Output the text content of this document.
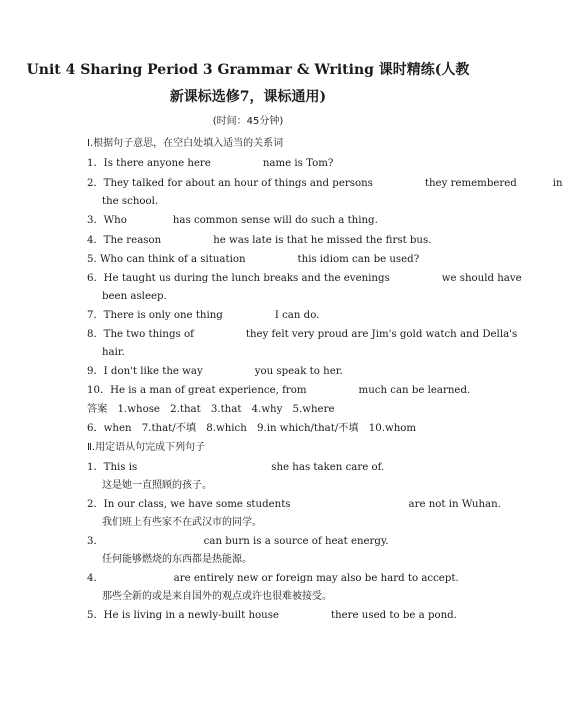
Unit 4 Sharing Period 3 Grammar & Writing 课时精练(人教
新课标选修7，课标通用)
(时间：45分钟)
Ⅰ.根据句子意思，在空白处填入适当的关系词
1．Is there anyone here	name is Tom?
2．They talked for about an hour of things and persons	they remembered	in
the school.
3．Who	has common sense will do such a thing.
4．The reason	he was late is that he missed the first bus.
5. Who can think of a situation	this idiom can be used?
6．He taught us during the lunch breaks and the evenings	we should have
been asleep.
7．There is only one thing	I can do.
8．The two things of	they felt very proud are Jim's gold watch and Della's
hair.
9．I don't like the way	you speak to her.
10．He is a man of great experience, from	much can be learned.
答案　1.whose　2.that　3.that　4.why　5.where
6．when　7.that/不填　8.which　9.in which/that/不填　10.whom
Ⅱ.用定语从句完成下列句子
1．This is	she has taken care of.
这是她一直照顾的孩子。
2．In our class, we have some students	are not in Wuhan.
我们班上有些家不在武汉市的同学。
3．	can burn is a source of heat energy.
任何能够燃烧的东西都是热能源。
4．	are entirely new or foreign may also be hard to accept.
那些全新的或是来自国外的观点或许也很难被接受。
5．He is living in a newly-built house	there used to be a pond.
